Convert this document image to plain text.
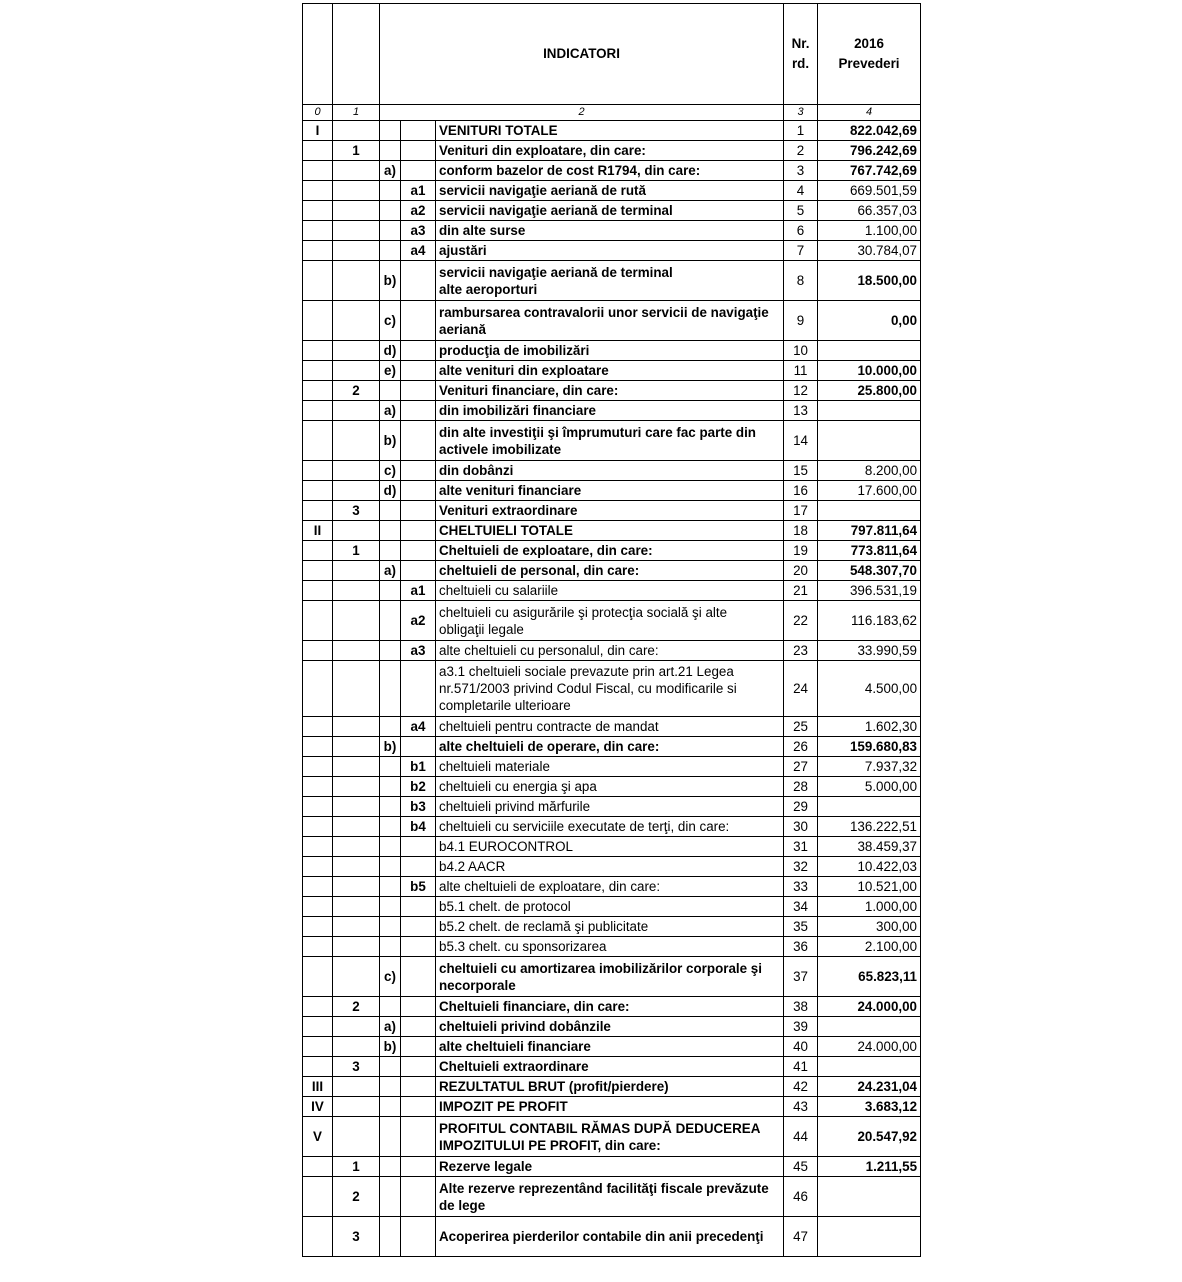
		INDICATORI			Nr.
rd.	2016
Prevederi
0	1	2			3	4
I				VENITURI TOTALE	1	822.042,69
	1			Venituri din exploatare, din care:	2	796.242,69
		a)		conform bazelor de cost R1794, din care:	3	767.742,69
			a1	servicii navigaţie aeriană de rută	4	669.501,59
			a2	servicii navigaţie aeriană de terminal	5	66.357,03
			a3	din alte surse	6	1.100,00
			a4	ajustări	7	30.784,07
		b)		servicii navigaţie aeriană de terminal
alte aeroporturi	8	18.500,00
		c)		rambursarea contravalorii unor servicii de navigaţie
aeriană	9	0,00
		d)		producţia de imobilizări	10	
		e)		alte venituri din exploatare	11	10.000,00
	2			Venituri financiare, din care:	12	25.800,00
		a)		din imobilizări financiare	13	
		b)		din alte investiţii şi împrumuturi care fac parte din
activele imobilizate	14	
		c)		din dobânzi	15	8.200,00
		d)		alte venituri financiare	16	17.600,00
	3			Venituri extraordinare	17	
II				CHELTUIELI TOTALE	18	797.811,64
	1			Cheltuieli de exploatare, din care:	19	773.811,64
		a)		cheltuieli de personal, din care:	20	548.307,70
			a1	cheltuieli cu salariile	21	396.531,19
			a2	cheltuieli cu asigurările şi protecţia socială şi alte
obligaţii legale	22	116.183,62
			a3	alte cheltuieli cu personalul, din care:	23	33.990,59
				a3.1 cheltuieli sociale prevazute prin art.21 Legea
nr.571/2003 privind Codul Fiscal, cu modificarile si
completarile ulterioare	24	4.500,00
			a4	cheltuieli pentru contracte de mandat	25	1.602,30
		b)		alte cheltuieli de operare, din care:	26	159.680,83
			b1	cheltuieli materiale	27	7.937,32
			b2	cheltuieli cu energia şi apa	28	5.000,00
			b3	cheltuieli privind mărfurile	29	
			b4	cheltuieli cu serviciile executate de terţi, din care:	30	136.222,51
				b4.1 EUROCONTROL	31	38.459,37
				b4.2 AACR	32	10.422,03
			b5	alte cheltuieli de exploatare, din care:	33	10.521,00
				b5.1 chelt. de protocol	34	1.000,00
				b5.2 chelt. de reclamă şi publicitate	35	300,00
				b5.3 chelt. cu sponsorizarea	36	2.100,00
		c)		cheltuieli cu amortizarea imobilizărilor corporale şi
necorporale	37	65.823,11
	2			Cheltuieli financiare, din care:	38	24.000,00
		a)		cheltuieli privind dobânzile	39	
		b)		alte cheltuieli financiare	40	24.000,00
	3			Cheltuieli extraordinare	41	
III				REZULTATUL BRUT (profit/pierdere)	42	24.231,04
IV				IMPOZIT PE PROFIT	43	3.683,12
V				PROFITUL CONTABIL RĂMAS DUPĂ DEDUCEREA
IMPOZITULUI PE PROFIT, din care:	44	20.547,92
	1			Rezerve legale	45	1.211,55
	2			Alte rezerve reprezentând facilităţi fiscale prevăzute
de lege	46	
	3			Acoperirea pierderilor contabile din anii precedenţi	47	
